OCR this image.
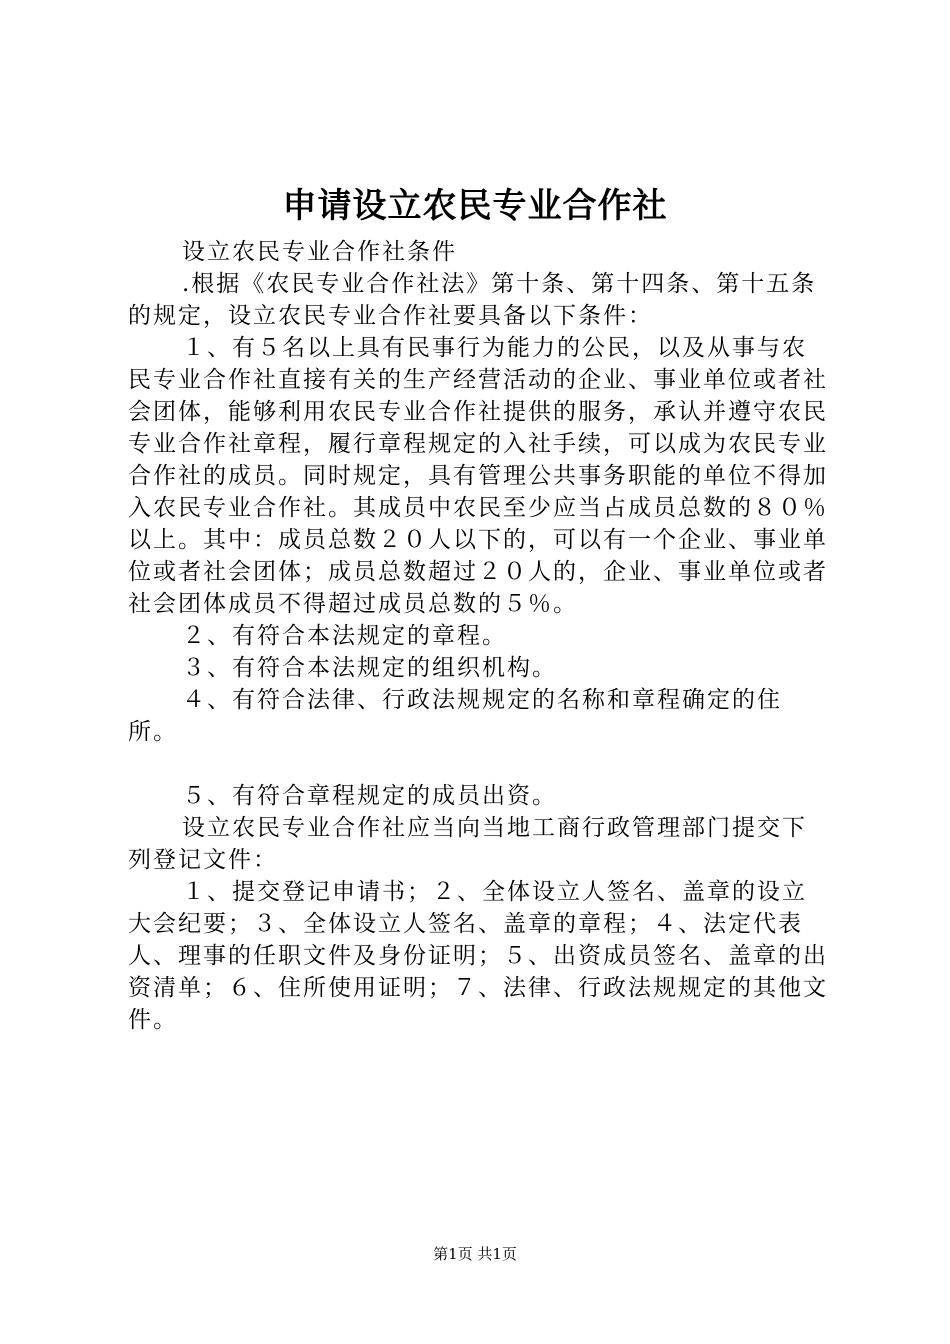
申请设立农民专业合作社

设立农民专业合作社条件

.根据《农民专业合作社法》第十条、第十四条、第十五条的规定，设立农民专业合作社要具备以下条件：

１、有５名以上具有民事行为能力的公民，以及从事与农民专业合作社直接有关的生产经营活动的企业、事业单位或者社会团体，能够利用农民专业合作社提供的服务，承认并遵守农民专业合作社章程，履行章程规定的入社手续，可以成为农民专业合作社的成员。同时规定，具有管理公共事务职能的单位不得加入农民专业合作社。其成员中农民至少应当占成员总数的８０％以上。其中：成员总数２０人以下的，可以有一个企业、事业单位或者社会团体；成员总数超过２０人的，企业、事业单位或者社会团体成员不得超过成员总数的５％。

２、有符合本法规定的章程。

３、有符合本法规定的组织机构。

４、有符合法律、行政法规规定的名称和章程确定的住所。

５、有符合章程规定的成员出资。

设立农民专业合作社应当向当地工商行政管理部门提交下列登记文件：

１、提交登记申请书；２、全体设立人签名、盖章的设立大会纪要；３、全体设立人签名、盖章的章程；４、法定代表人、理事的任职文件及身份证明；５、出资成员签名、盖章的出资清单；６、住所使用证明；７、法律、行政法规规定的其他文件。

第1页 共1页
